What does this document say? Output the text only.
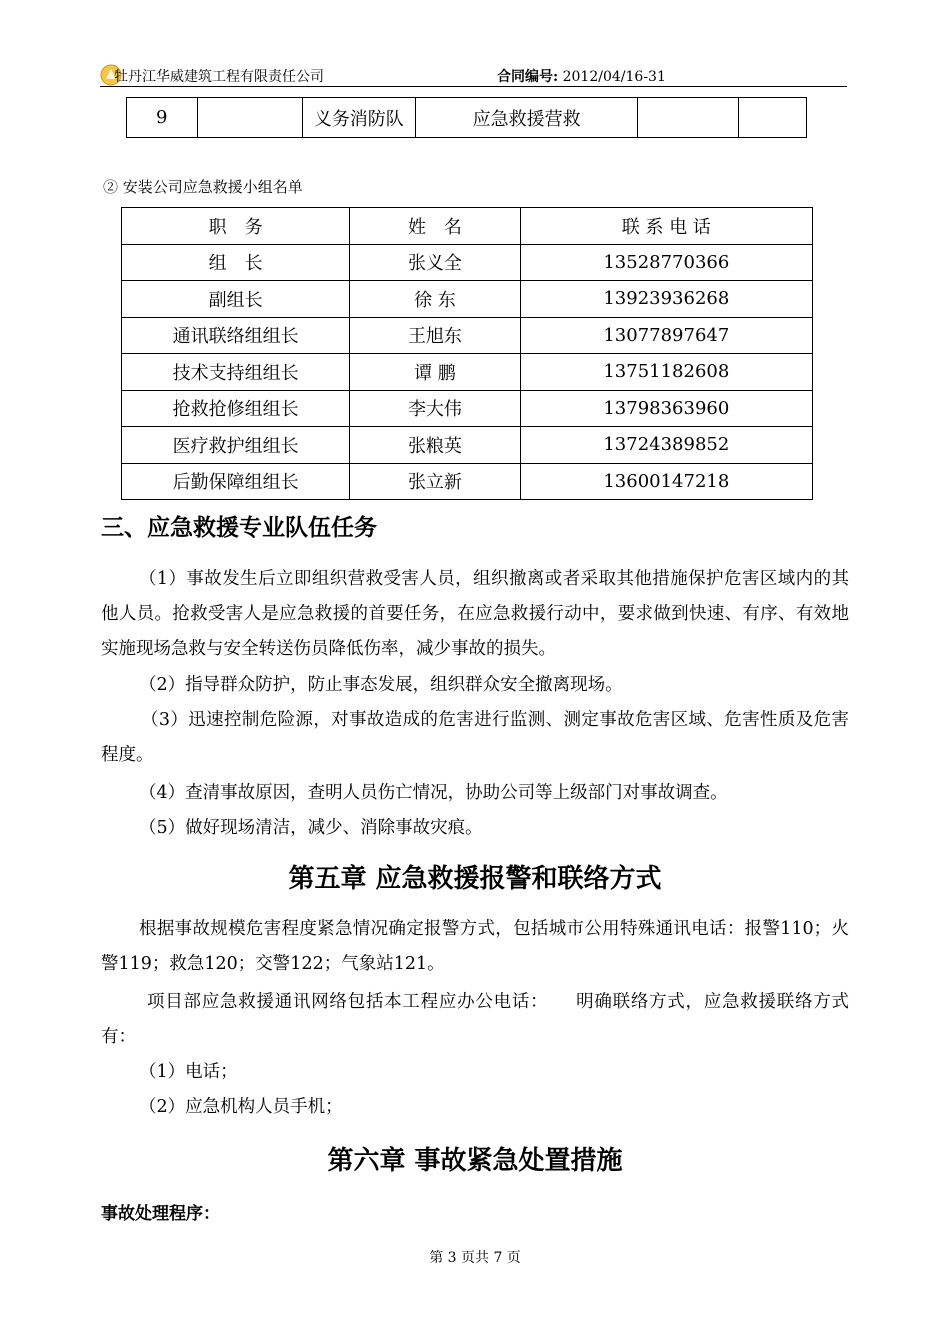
牡丹江华威建筑工程有限责任公司	合同编号: 2012/04/16-31
9		义务消防队	应急救援营救		
② 安装公司应急救援小组名单
职　务	姓　名	联 系 电 话
组　长	张义全	13528770366
副组长	徐 东	13923936268
通讯联络组组长	王旭东	13077897647
技术支持组组长	谭 鹏	13751182608
抢救抢修组组长	李大伟	13798363960
医疗救护组组长	张粮英	13724389852
后勤保障组组长	张立新	13600147218
三、应急救援专业队伍任务
（1）事故发生后立即组织营救受害人员，组织撤离或者采取其他措施保护危害区域内的其他人员。抢救受害人是应急救援的首要任务，在应急救援行动中，要求做到快速、有序、有效地实施现场急救与安全转送伤员降低伤率，减少事故的损失。
（2）指导群众防护，防止事态发展，组织群众安全撤离现场。
（3）迅速控制危险源，对事故造成的危害进行监测、测定事故危害区域、危害性质及危害程度。
（4）查清事故原因，查明人员伤亡情况，协助公司等上级部门对事故调查。
（5）做好现场清洁，减少、消除事故灾痕。
第五章 应急救援报警和联络方式
根据事故规模危害程度紧急情况确定报警方式，包括城市公用特殊通讯电话：报警110；火警119；救急120；交警122；气象站121。
项目部应急救援通讯网络包括本工程应办公电话：　　明确联络方式，应急救援联络方式有：
（1）电话；
（2）应急机构人员手机；
第六章 事故紧急处置措施
事故处理程序：
第 3 页共 7 页
